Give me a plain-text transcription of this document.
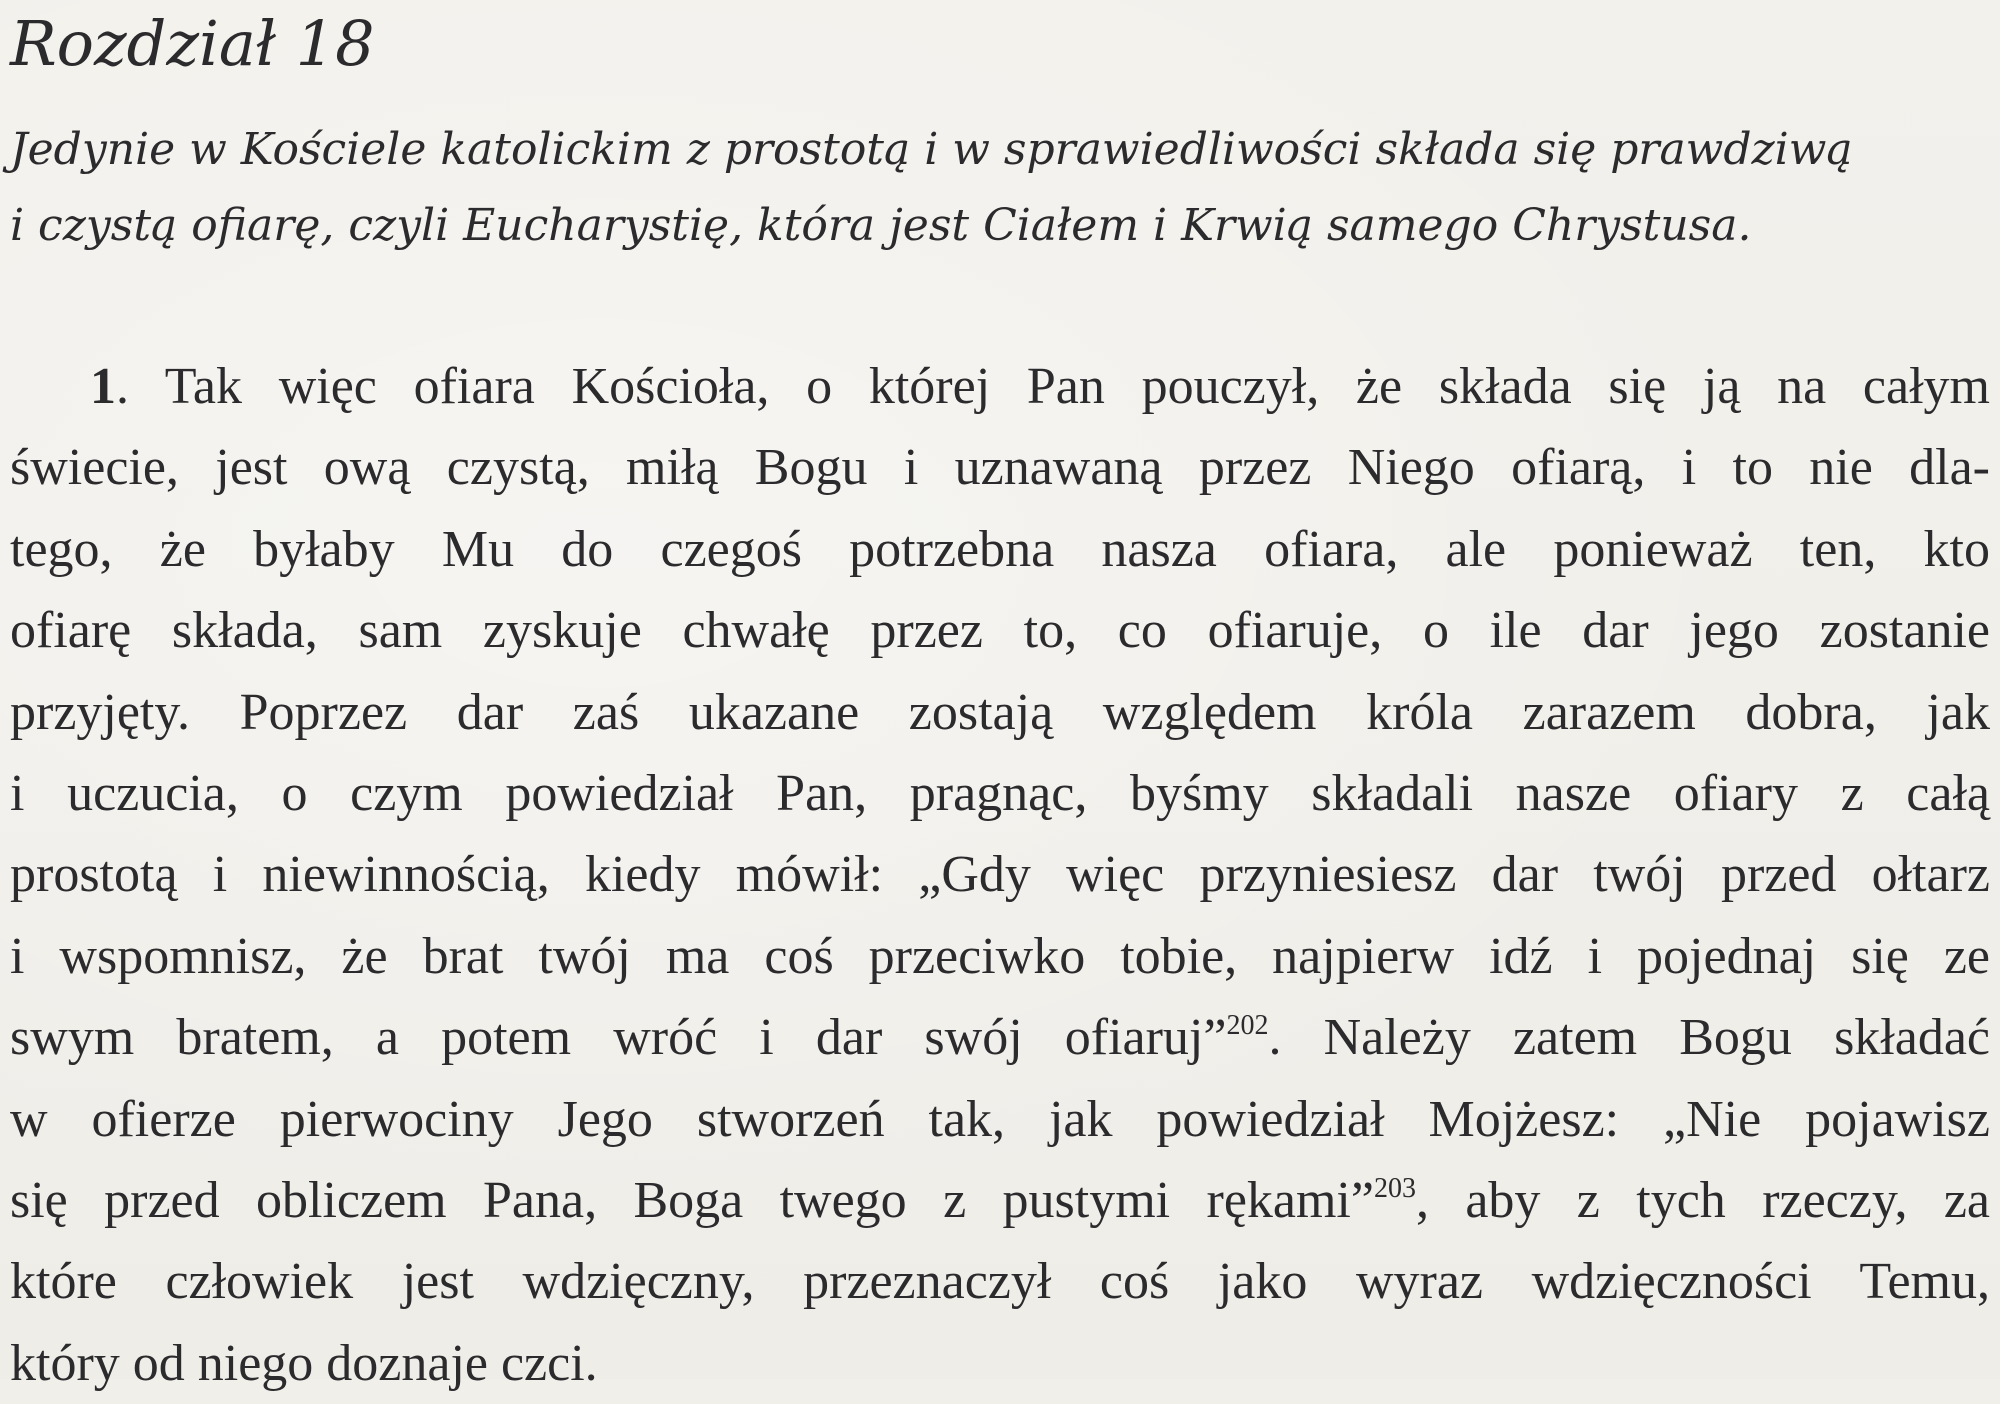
Rozdział 18
Jedynie w Kościele katolickim z prostotą i w sprawiedliwości składa się prawdziwą
i czystą ofiarę, czyli Eucharystię, która jest Ciałem i Krwią samego Chrystusa.
1. Tak więc ofiara Kościoła, o której Pan pouczył, że składa się ją na całym
świecie, jest ową czystą, miłą Bogu i uznawaną przez Niego ofiarą, i to nie dla-
tego, że byłaby Mu do czegoś potrzebna nasza ofiara, ale ponieważ ten, kto
ofiarę składa, sam zyskuje chwałę przez to, co ofiaruje, o ile dar jego zostanie
przyjęty. Poprzez dar zaś ukazane zostają względem króla zarazem dobra, jak
i uczucia, o czym powiedział Pan, pragnąc, byśmy składali nasze ofiary z całą
prostotą i niewinnością, kiedy mówił: „Gdy więc przyniesiesz dar twój przed ołtarz
i wspomnisz, że brat twój ma coś przeciwko tobie, najpierw idź i pojednaj się ze
swym bratem, a potem wróć i dar swój ofiaruj”$^{202}$. Należy zatem Bogu składać
w ofierze pierwociny Jego stworzeń tak, jak powiedział Mojżesz: „Nie pojawisz
się przed obliczem Pana, Boga twego z pustymi rękami”$^{203}$, aby z tych rzeczy, za
które człowiek jest wdzięczny, przeznaczył coś jako wyraz wdzięczności Temu,
który od niego doznaje czci.
